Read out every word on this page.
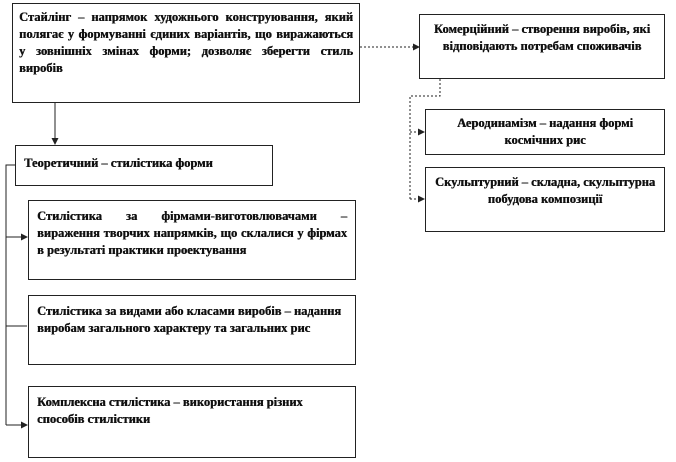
Стайлінг – напрямок художнього конструювання, який полягає у формуванні єдиних варіантів, що виражаються у зовнішніх змінах форми; дозволяє зберегти стиль виробів
Теоретичний – стилістика форми
Стилістика за фірмами-виготовлювачами – вираження творчих напрямків, що склалися у фірмах в результаті практики проектування
Стилістика за видами або класами виробів – надання виробам загального характеру та загальних рис
Комплексна стилістика – використання різних способів стилістики
Комерційний – створення виробів, які відповідають потребам споживачів
Аеродинамізм – надання формі космічних рис
Скульптурний – складна, скульптурна побудова композиції
